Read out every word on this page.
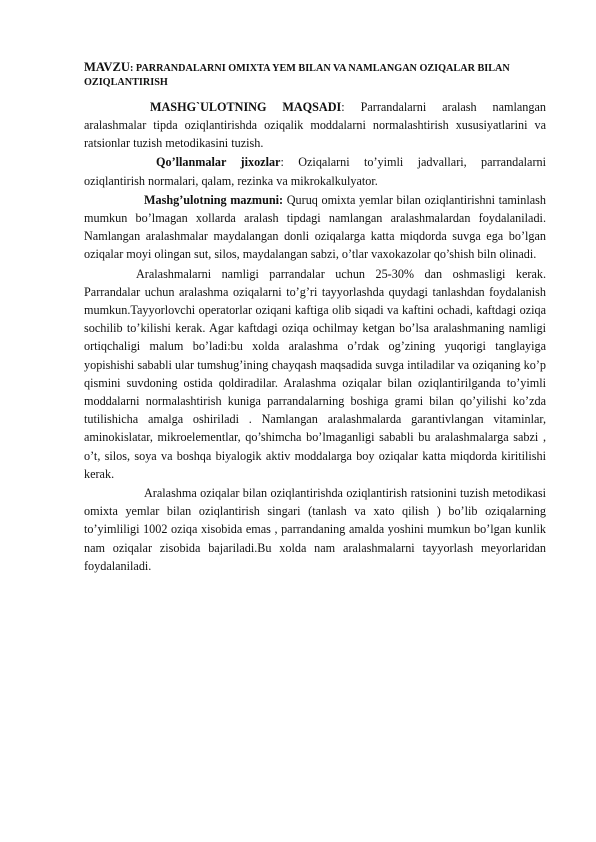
MAVZU: PARRANDALARNI OMIXTA YEM BILAN VA NAMLANGAN OZIQALAR BILAN OZIQLANTIRISH

MASHG`ULOTNING MAQSADI: Parrandalarni aralash namlangan aralashmalar tipda oziqlantirishda oziqalik moddalarni normalashtirish xususiyatlarini va ratsionlar tuzish metodikasini tuzish.

Qo’llanmalar jixozlar: Oziqalarni to’yimli jadvallari, parrandalarni oziqlantirish normalari, qalam, rezinka va mikrokalkulyator.

Mashg’ulotning mazmuni: Quruq omixta yemlar bilan oziqlantirishni taminlash mumkun bo’lmagan xollarda aralash tipdagi namlangan aralashmalardan foydalaniladi. Namlangan aralashmalar maydalangan donli oziqalarga katta miqdorda suvga ega bo’lgan oziqalar moyi olingan sut, silos, maydalangan sabzi, o’tlar vaxokazolar qo’shish biln olinadi.

Aralashmalarni namligi parrandalar uchun 25-30% dan oshmasligi kerak. Parrandalar uchun aralashma oziqalarni to’g’ri tayyorlashda quydagi tanlashdan foydalanish mumkun.Tayyorlovchi operatorlar oziqani kaftiga olib siqadi va kaftini ochadi, kaftdagi oziqa sochilib to’kilishi kerak. Agar kaftdagi oziqa ochilmay ketgan bo’lsa aralashmaning namligi ortiqchaligi malum bo’ladi:bu xolda aralashma o’rdak og’zining yuqorigi tanglayiga yopishishi sababli ular tumshug’ining chayqash maqsadida suvga intiladilar va oziqaning ko’p qismini suvdoning ostida qoldiradilar. Aralashma oziqalar bilan oziqlantirilganda to’yimli moddalarni normalashtirish kuniga parrandalarning boshiga grami bilan qo’yilishi ko’zda tutilishicha amalga oshiriladi . Namlangan aralashmalarda garantivlangan vitaminlar, aminokislatar, mikroelementlar, qo’shimcha bo’lmaganligi sababli bu aralashmalarga sabzi , o’t, silos, soya va boshqa biyalogik aktiv moddalarga boy oziqalar katta miqdorda kiritilishi kerak.

Aralashma oziqalar bilan oziqlantirishda oziqlantirish ratsionini tuzish metodikasi omixta yemlar bilan oziqlantirish singari (tanlash va xato qilish ) bo’lib oziqalarning to’yimliligi 1002 oziqa xisobida emas , parrandaning amalda yoshini mumkun bo’lgan kunlik nam oziqalar zisobida bajariladi.Bu xolda nam aralashmalarni tayyorlash meyorlaridan foydalaniladi.
